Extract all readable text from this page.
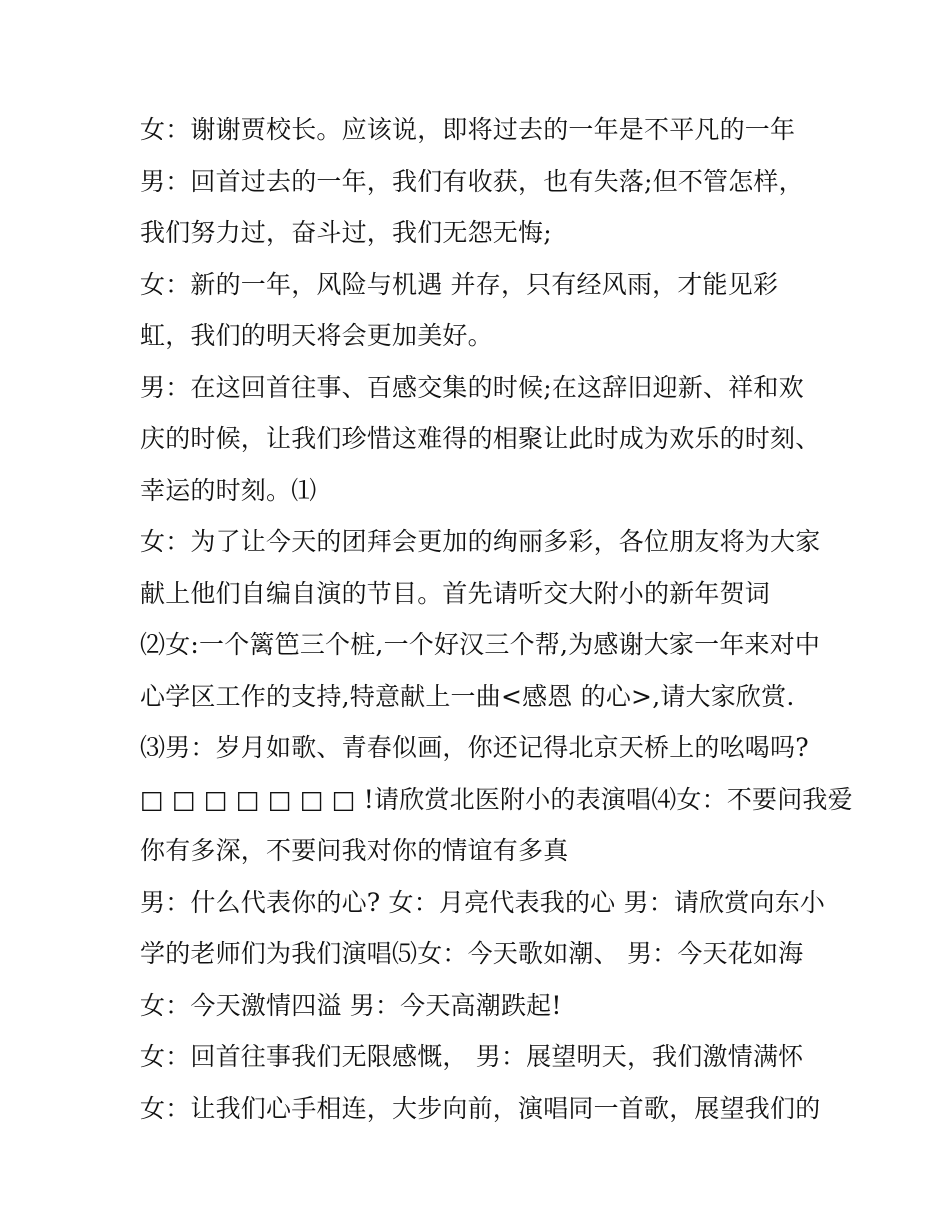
女：谢谢贾校长。应该说，即将过去的一年是不平凡的一年
男：回首过去的一年，我们有收获，也有失落;但不管怎样，
我们努力过，奋斗过，我们无怨无悔;
女：新的一年，风险与机遇 并存，只有经风雨，才能见彩
虹，我们的明天将会更加美好。
男：在这回首往事、百感交集的时候;在这辞旧迎新、祥和欢
庆的时候，让我们珍惜这难得的相聚让此时成为欢乐的时刻、
幸运的时刻。⑴
女：为了让今天的团拜会更加的绚丽多彩，各位朋友将为大家
献上他们自编自演的节目。首先请听交大附小的新年贺词
⑵女:一个篱笆三个桩,一个好汉三个帮,为感谢大家一年来对中
心学区工作的支持,特意献上一曲<感恩 的心>,请大家欣赏.
⑶男：岁月如歌、青春似画，你还记得北京天桥上的吆喝吗?
□ □ □ □ □ □ □ !请欣赏北医附小的表演唱⑷女：不要问我爱
你有多深，不要问我对你的情谊有多真
男：什么代表你的心? 女：月亮代表我的心 男：请欣赏向东小
学的老师们为我们演唱⑸女：今天歌如潮、 男：今天花如海
女：今天激情四溢 男：今天高潮跌起!
女：回首往事我们无限感慨， 男：展望明天，我们激情满怀
女：让我们心手相连，大步向前，演唱同一首歌，展望我们的
